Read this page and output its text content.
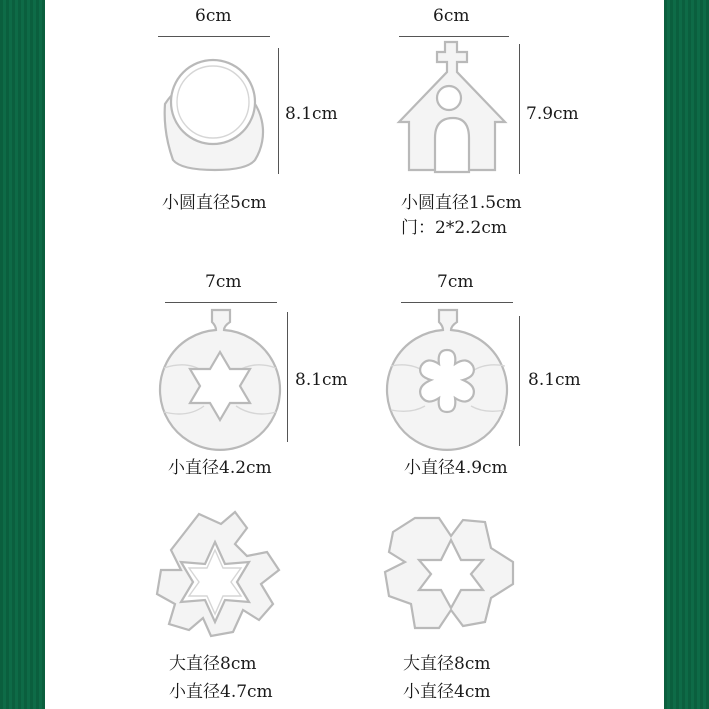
6cm
8.1cm
小圆直径5cm
6cm
7.9cm
小圆直径1.5cm
门：2*2.2cm
7cm
8.1cm
小直径4.2cm
7cm
8.1cm
小直径4.9cm
大直径8cm
小直径4.7cm
大直径8cm
小直径4cm
